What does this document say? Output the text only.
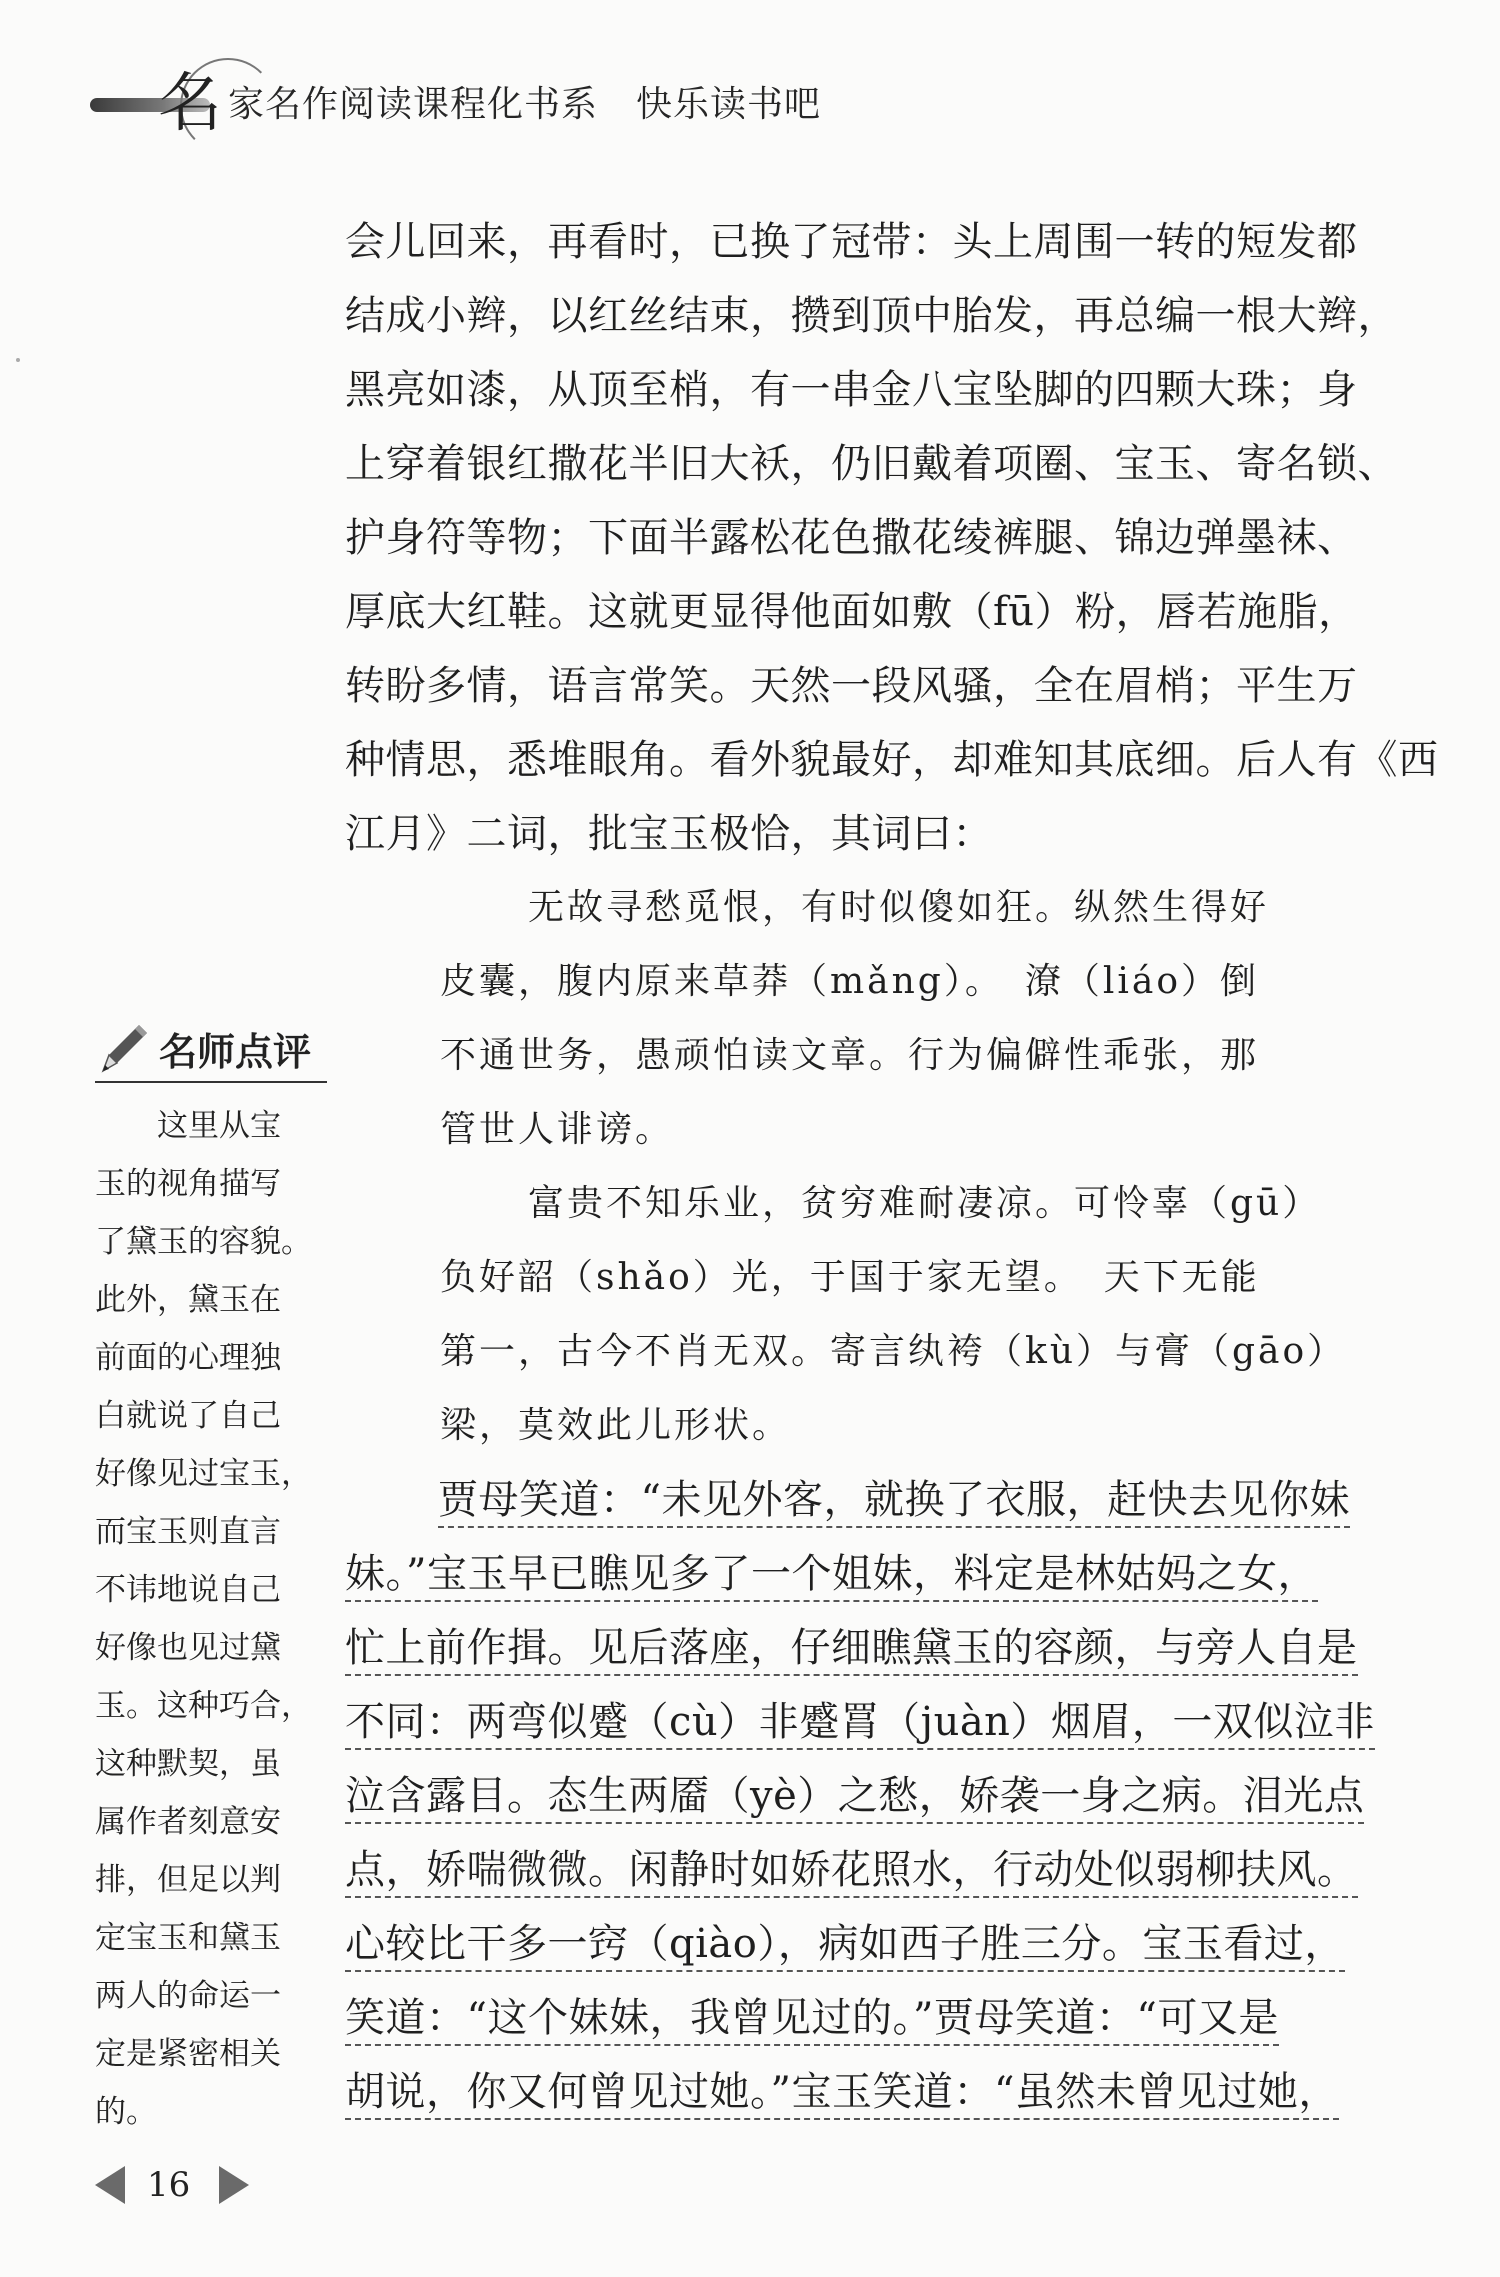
名 家名作阅读课程化书系 快乐读书吧
会儿回来，再看时，已换了冠带：头上周围一转的短发都
结成小辫，以红丝结束，攒到顶中胎发，再总编一根大辫，
黑亮如漆，从顶至梢，有一串金八宝坠脚的四颗大珠；身
上穿着银红撒花半旧大袄，仍旧戴着项圈、宝玉、寄名锁、
护身符等物；下面半露松花色撒花绫裤腿、锦边弹墨袜、
厚底大红鞋。这就更显得他面如敷（fū）粉，唇若施脂，
转盼多情，语言常笑。天然一段风骚，全在眉梢；平生万
种情思，悉堆眼角。看外貌最好，却难知其底细。后人有《西
江月》二词，批宝玉极恰，其词曰：
无故寻愁觅恨，有时似傻如狂。纵然生得好
皮囊，腹内原来草莽（mǎng）。　潦（liáo）倒
不通世务，愚顽怕读文章。行为偏僻性乖张，那
管世人诽谤。
富贵不知乐业，贫穷难耐凄凉。可怜辜（gū）
负好韶（shǎo）光，于国于家无望。　天下无能
第一，古今不肖无双。寄言纨袴（kù）与膏（gāo）
梁，莫效此儿形状。
贾母笑道：“未见外客，就换了衣服，赶快去见你妹
妹。”宝玉早已瞧见多了一个姐妹，料定是林姑妈之女，
忙上前作揖。见后落座，仔细瞧黛玉的容颜，与旁人自是
不同：两弯似蹙（cù）非蹙罥（juàn）烟眉，一双似泣非
泣含露目。态生两靥（yè）之愁，娇袭一身之病。泪光点
点，娇喘微微。闲静时如娇花照水，行动处似弱柳扶风。
心较比干多一窍（qiào），病如西子胜三分。宝玉看过，
笑道：“这个妹妹，我曾见过的。”贾母笑道：“可又是
胡说，你又何曾见过她。”宝玉笑道：“虽然未曾见过她，
名师点评
这里从宝
玉的视角描写
了黛玉的容貌。
此外，黛玉在
前面的心理独
白就说了自己
好像见过宝玉，
而宝玉则直言
不讳地说自己
好像也见过黛
玉。这种巧合，
这种默契，虽
属作者刻意安
排，但足以判
定宝玉和黛玉
两人的命运一
定是紧密相关
的。
16
